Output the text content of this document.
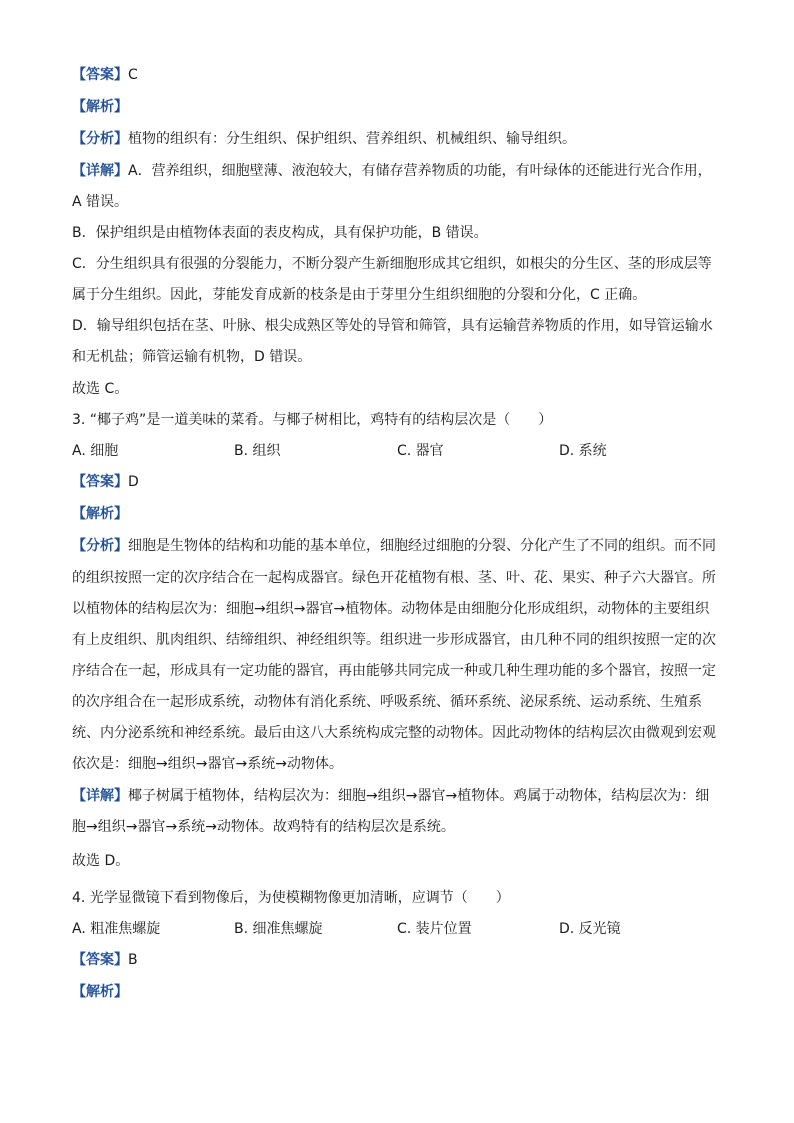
【答案】C
【解析】
【分析】植物的组织有：分生组织、保护组织、营养组织、机械组织、输导组织。
【详解】A．营养组织，细胞壁薄、液泡较大，有储存营养物质的功能，有叶绿体的还能进行光合作用，
A 错误。
B．保护组织是由植物体表面的表皮构成，具有保护功能，B 错误。
C．分生组织具有很强的分裂能力，不断分裂产生新细胞形成其它组织，如根尖的分生区、茎的形成层等
属于分生组织。因此，芽能发育成新的枝条是由于芽里分生组织细胞的分裂和分化，C 正确。
D．输导组织包括在茎、叶脉、根尖成熟区等处的导管和筛管，具有运输营养物质的作用，如导管运输水
和无机盐；筛管运输有机物，D 错误。
故选 C。
3. “椰子鸡”是一道美味的菜肴。与椰子树相比，鸡特有的结构层次是（　　）
A. 细胞	B. 组织	C. 器官	D. 系统
【答案】D
【解析】
【分析】细胞是生物体的结构和功能的基本单位，细胞经过细胞的分裂、分化产生了不同的组织。而不同
的组织按照一定的次序结合在一起构成器官。绿色开花植物有根、茎、叶、花、果实、种子六大器官。所
以植物体的结构层次为：细胞→组织→器官→植物体。动物体是由细胞分化形成组织，动物体的主要组织
有上皮组织、肌肉组织、结缔组织、神经组织等。组织进一步形成器官，由几种不同的组织按照一定的次
序结合在一起，形成具有一定功能的器官，再由能够共同完成一种或几种生理功能的多个器官，按照一定
的次序组合在一起形成系统，动物体有消化系统、呼吸系统、循环系统、泌尿系统、运动系统、生殖系
统、内分泌系统和神经系统。最后由这八大系统构成完整的动物体。因此动物体的结构层次由微观到宏观
依次是：细胞→组织→器官→系统→动物体。
【详解】椰子树属于植物体，结构层次为：细胞→组织→器官→植物体。鸡属于动物体，结构层次为：细
胞→组织→器官→系统→动物体。故鸡特有的结构层次是系统。
故选 D。
4. 光学显微镜下看到物像后，为使模糊物像更加清晰，应调节（　　）
A. 粗准焦螺旋	B. 细准焦螺旋	C. 装片位置	D. 反光镜
【答案】B
【解析】
